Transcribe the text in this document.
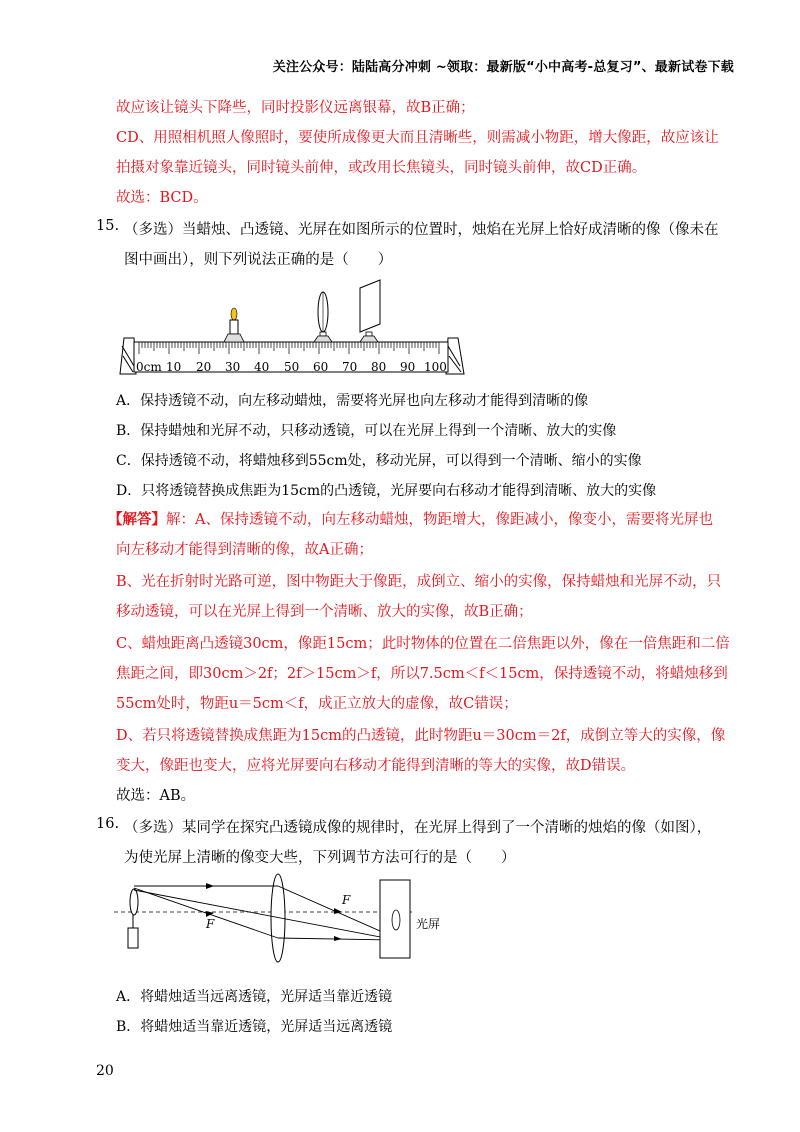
关注公众号：陆陆高分冲刺 ~领取：最新版“小中高考-总复习”、最新试卷下载
故应该让镜头下降些，同时投影仪远离银幕，故B正确；
CD、用照相机照人像照时，要使所成像更大而且清晰些，则需减小物距，增大像距，故应该让
拍摄对象靠近镜头，同时镜头前伸，或改用长焦镜头，同时镜头前伸，故CD正确。
故选：BCD。
15. （多选）当蜡烛、凸透镜、光屏在如图所示的位置时，烛焰在光屏上恰好成清晰的像（像未在
图中画出），则下列说法正确的是（　　）
0cm 10 20 30 40 50 60 70 80 90 100
A．保持透镜不动，向左移动蜡烛，需要将光屏也向左移动才能得到清晰的像
B．保持蜡烛和光屏不动，只移动透镜，可以在光屏上得到一个清晰、放大的实像
C．保持透镜不动，将蜡烛移到55cm处，移动光屏，可以得到一个清晰、缩小的实像
D．只将透镜替换成焦距为15cm的凸透镜，光屏要向右移动才能得到清晰、放大的实像
【解答】解：A、保持透镜不动，向左移动蜡烛，物距增大，像距减小，像变小，需要将光屏也
向左移动才能得到清晰的像，故A正确；
B、光在折射时光路可逆，图中物距大于像距，成倒立、缩小的实像，保持蜡烛和光屏不动，只
移动透镜，可以在光屏上得到一个清晰、放大的实像，故B正确；
C、蜡烛距离凸透镜30cm，像距15cm；此时物体的位置在二倍焦距以外，像在一倍焦距和二倍
焦距之间，即30cm＞2f；2f＞15cm＞f，所以7.5cm＜f＜15cm，保持透镜不动，将蜡烛移到
55cm处时，物距u＝5cm＜f，成正立放大的虚像，故C错误；
D、若只将透镜替换成焦距为15cm的凸透镜，此时物距u＝30cm＝2f，成倒立等大的实像，像
变大，像距也变大，应将光屏要向右移动才能得到清晰的等大的实像，故D错误。
故选：AB。
16. （多选）某同学在探究凸透镜成像的规律时，在光屏上得到了一个清晰的烛焰的像（如图），
为使光屏上清晰的像变大些，下列调节方法可行的是（　　）
F
F
光屏
A．将蜡烛适当远离透镜，光屏适当靠近透镜
B．将蜡烛适当靠近透镜，光屏适当远离透镜
20
